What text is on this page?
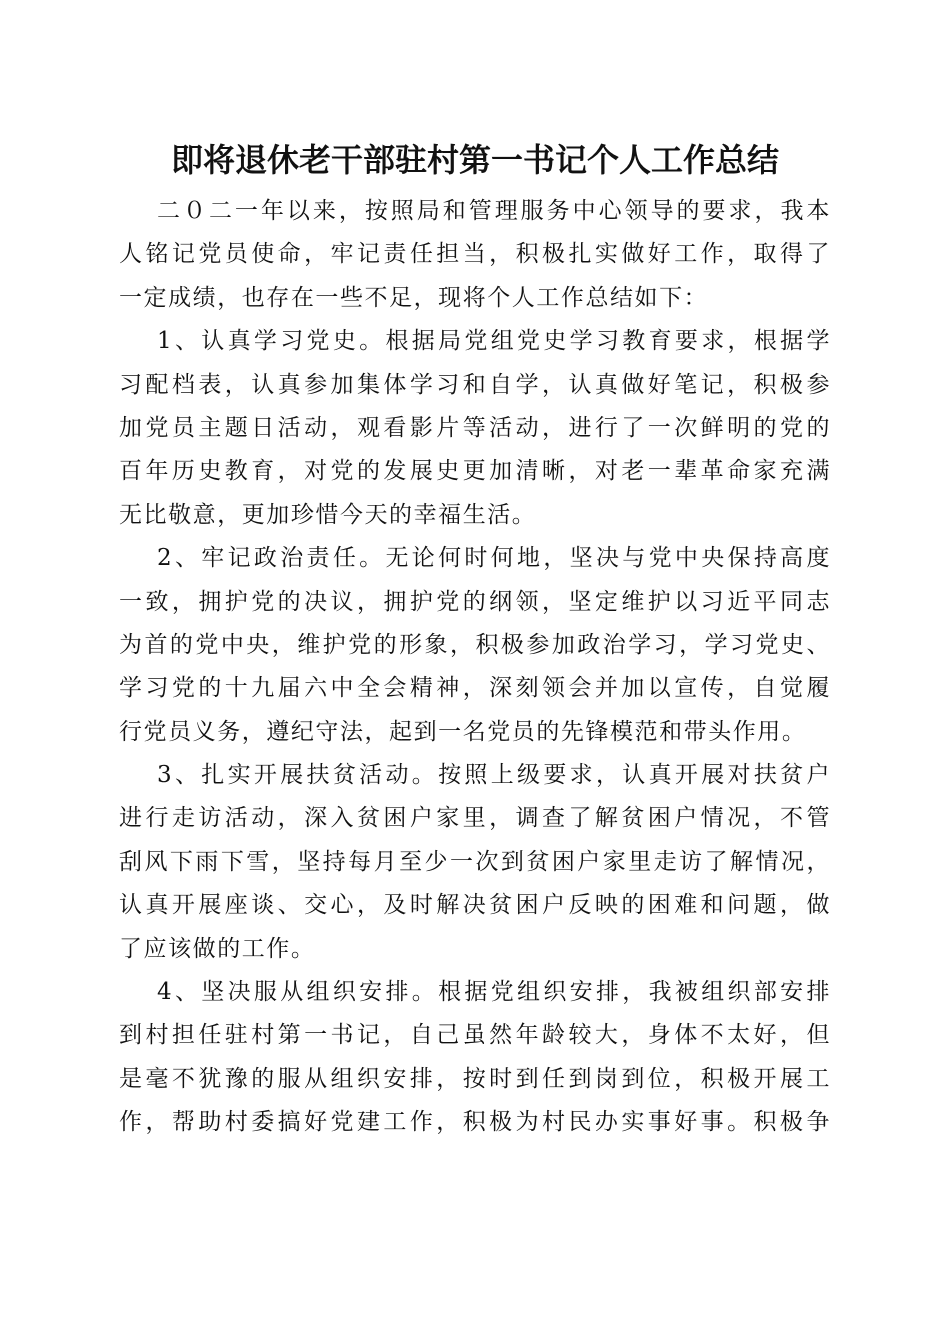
即将退休老干部驻村第一书记个人工作总结
二０二一年以来，按照局和管理服务中心领导的要求，我本
人铭记党员使命，牢记责任担当，积极扎实做好工作，取得了
一定成绩，也存在一些不足，现将个人工作总结如下：
1、认真学习党史。根据局党组党史学习教育要求，根据学
习配档表，认真参加集体学习和自学，认真做好笔记，积极参
加党员主题日活动，观看影片等活动，进行了一次鲜明的党的
百年历史教育，对党的发展史更加清晰，对老一辈革命家充满
无比敬意，更加珍惜今天的幸福生活。
2、牢记政治责任。无论何时何地，坚决与党中央保持高度
一致，拥护党的决议，拥护党的纲领，坚定维护以习近平同志
为首的党中央，维护党的形象，积极参加政治学习，学习党史、
学习党的十九届六中全会精神，深刻领会并加以宣传，自觉履
行党员义务，遵纪守法，起到一名党员的先锋模范和带头作用。
3、扎实开展扶贫活动。按照上级要求，认真开展对扶贫户
进行走访活动，深入贫困户家里，调查了解贫困户情况，不管
刮风下雨下雪，坚持每月至少一次到贫困户家里走访了解情况，
认真开展座谈、交心，及时解决贫困户反映的困难和问题，做
了应该做的工作。
4、坚决服从组织安排。根据党组织安排，我被组织部安排
到村担任驻村第一书记，自己虽然年龄较大，身体不太好，但
是毫不犹豫的服从组织安排，按时到任到岗到位，积极开展工
作，帮助村委搞好党建工作，积极为村民办实事好事。积极争
